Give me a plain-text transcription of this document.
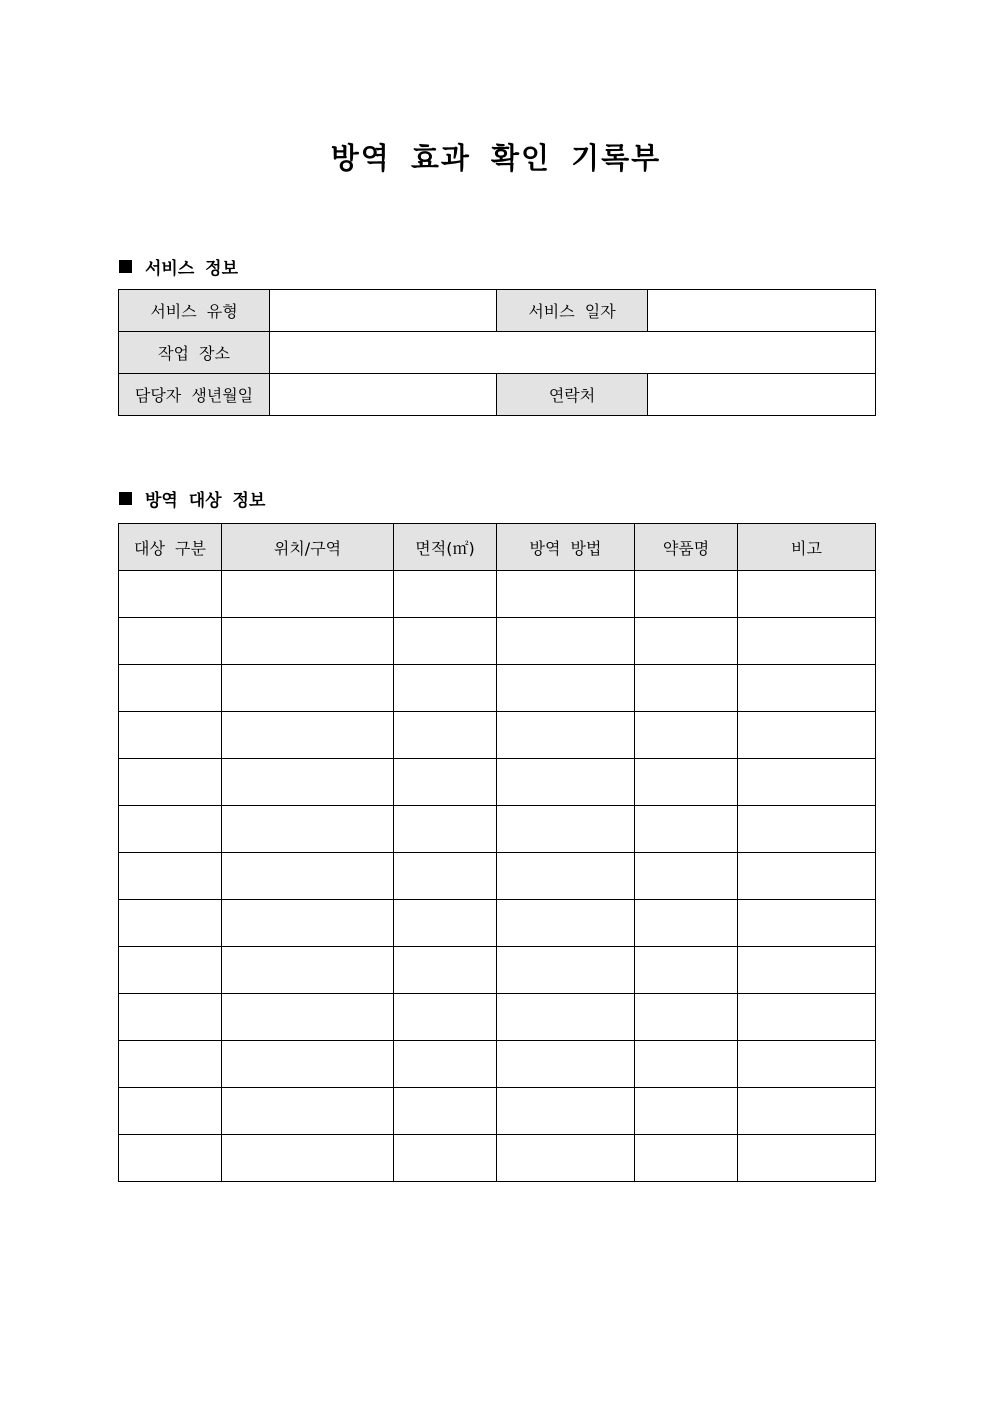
방역 효과 확인 기록부
서비스 정보
서비스 유형		서비스 일자	
작업 장소			
담당자 생년월일		연락처	
방역 대상 정보
대상 구분	위치/구역	면적(㎡)	방역 방법	약품명	비고
